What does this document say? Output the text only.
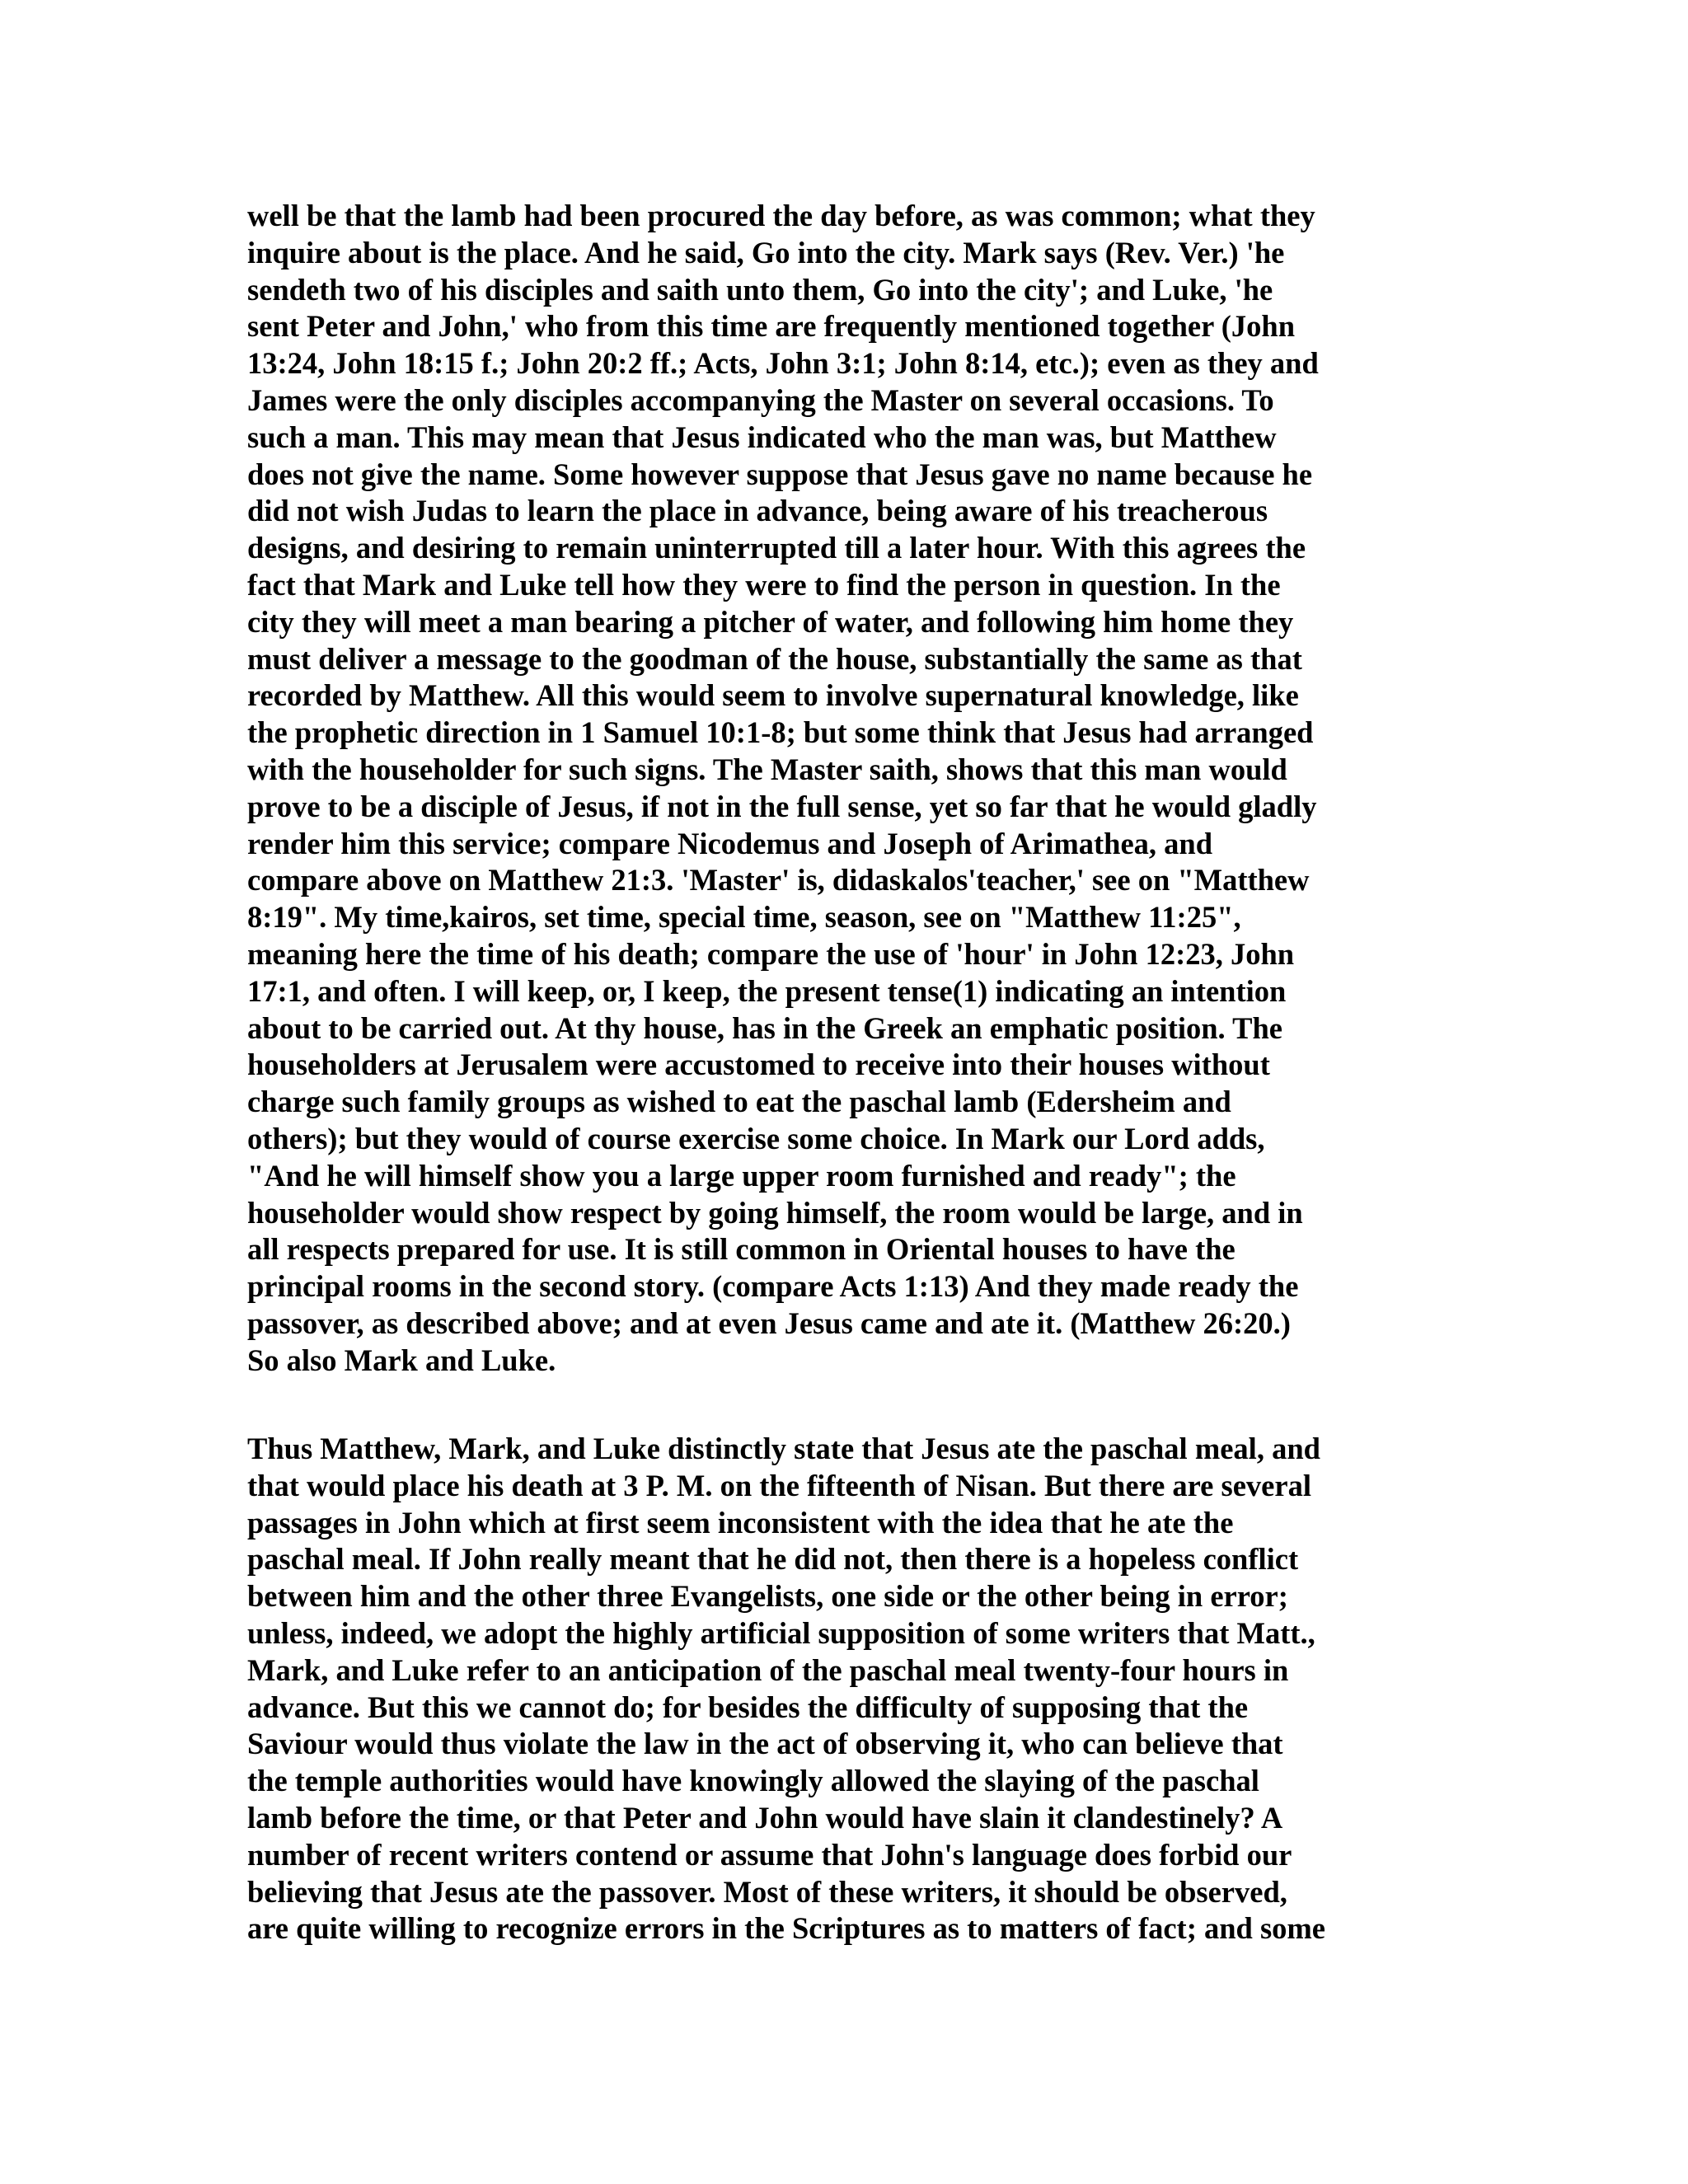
well be that the lamb had been procured the day before, as was common; what they
inquire about is the place. And he said, Go into the city. Mark says (Rev. Ver.) 'he
sendeth two of his disciples and saith unto them, Go into the city'; and Luke, 'he
sent Peter and John,' who from this time are frequently mentioned together (John
13:24, John 18:15 f.; John 20:2 ff.; Acts, John 3:1; John 8:14, etc.); even as they and
James were the only disciples accompanying the Master on several occasions. To
such a man. This may mean that Jesus indicated who the man was, but Matthew
does not give the name. Some however suppose that Jesus gave no name because he
did not wish Judas to learn the place in advance, being aware of his treacherous
designs, and desiring to remain uninterrupted till a later hour. With this agrees the
fact that Mark and Luke tell how they were to find the person in question. In the
city they will meet a man bearing a pitcher of water, and following him home they
must deliver a message to the goodman of the house, substantially the same as that
recorded by Matthew. All this would seem to involve supernatural knowledge, like
the prophetic direction in 1 Samuel 10:1-8; but some think that Jesus had arranged
with the householder for such signs. The Master saith, shows that this man would
prove to be a disciple of Jesus, if not in the full sense, yet so far that he would gladly
render him this service; compare Nicodemus and Joseph of Arimathea, and
compare above on Matthew 21:3. 'Master' is, didaskalos'teacher,' see on "Matthew
8:19". My time,kairos, set time, special time, season, see on "Matthew 11:25",
meaning here the time of his death; compare the use of 'hour' in John 12:23, John
17:1, and often. I will keep, or, I keep, the present tense(1) indicating an intention
about to be carried out. At thy house, has in the Greek an emphatic position. The
householders at Jerusalem were accustomed to receive into their houses without
charge such family groups as wished to eat the paschal lamb (Edersheim and
others); but they would of course exercise some choice. In Mark our Lord adds,
"And he will himself show you a large upper room furnished and ready"; the
householder would show respect by going himself, the room would be large, and in
all respects prepared for use. It is still common in Oriental houses to have the
principal rooms in the second story. (compare Acts 1:13) And they made ready the
passover, as described above; and at even Jesus came and ate it. (Matthew 26:20.)
So also Mark and Luke.
Thus Matthew, Mark, and Luke distinctly state that Jesus ate the paschal meal, and
that would place his death at 3 P. M. on the fifteenth of Nisan. But there are several
passages in John which at first seem inconsistent with the idea that he ate the
paschal meal. If John really meant that he did not, then there is a hopeless conflict
between him and the other three Evangelists, one side or the other being in error;
unless, indeed, we adopt the highly artificial supposition of some writers that Matt.,
Mark, and Luke refer to an anticipation of the paschal meal twenty-four hours in
advance. But this we cannot do; for besides the difficulty of supposing that the
Saviour would thus violate the law in the act of observing it, who can believe that
the temple authorities would have knowingly allowed the slaying of the paschal
lamb before the time, or that Peter and John would have slain it clandestinely? A
number of recent writers contend or assume that John's language does forbid our
believing that Jesus ate the passover. Most of these writers, it should be observed,
are quite willing to recognize errors in the Scriptures as to matters of fact; and some
